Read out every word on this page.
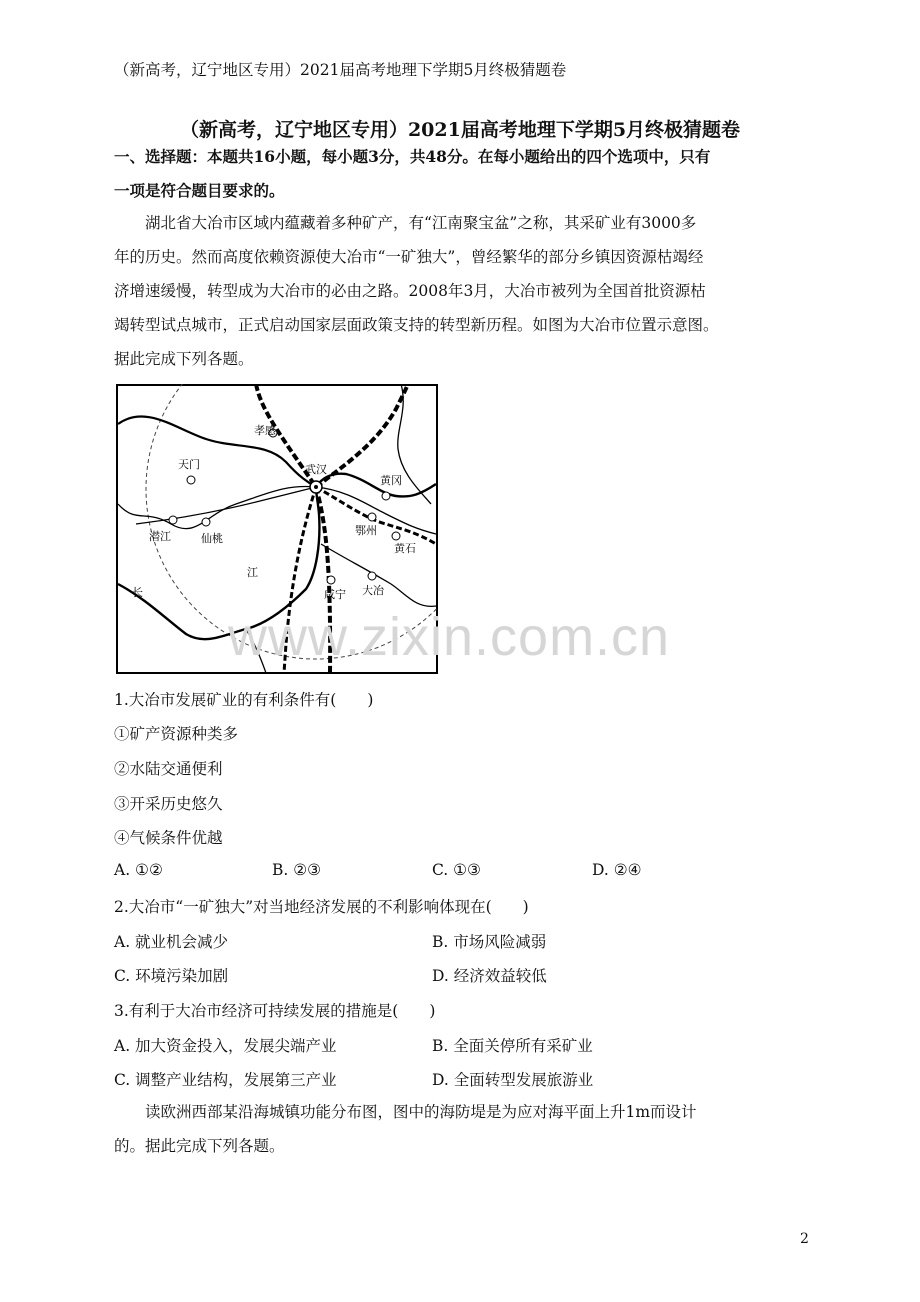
（新高考，辽宁地区专用）2021届高考地理下学期5月终极猜题卷
（新高考，辽宁地区专用）2021届高考地理下学期5月终极猜题卷
一、选择题：本题共16小题，每小题3分，共48分。在每小题给出的四个选项中，只有
一项是符合题目要求的。
　　湖北省大冶市区域内蕴藏着多种矿产，有“江南聚宝盆”之称，其采矿业有3000多
年的历史。然而高度依赖资源使大冶市“一矿独大”，曾经繁华的部分乡镇因资源枯竭经
济增速缓慢，转型成为大冶市的必由之路。2008年3月，大冶市被列为全国首批资源枯
竭转型试点城市，正式启动国家层面政策支持的转型新历程。如图为大冶市位置示意图。
据此完成下列各题。
孝感
天门	武汉
黄冈
潜江	仙桃
鄂州
黄石
江
长	咸宁 大冶
www.zixin.com.cn
1.大冶市发展矿业的有利条件有(　　)
①矿产资源种类多
②水陆交通便利
③开采历史悠久
④气候条件优越
A. ①②	B. ②③	C. ①③	D. ②④
2.大冶市“一矿独大”对当地经济发展的不利影响体现在(　　)
A. 就业机会减少	B. 市场风险减弱
C. 环境污染加剧	D. 经济效益较低
3.有利于大冶市经济可持续发展的措施是(　　)
A. 加大资金投入，发展尖端产业	B. 全面关停所有采矿业
C. 调整产业结构，发展第三产业	D. 全面转型发展旅游业
　　读欧洲西部某沿海城镇功能分布图，图中的海防堤是为应对海平面上升1m而设计
的。据此完成下列各题。
2
